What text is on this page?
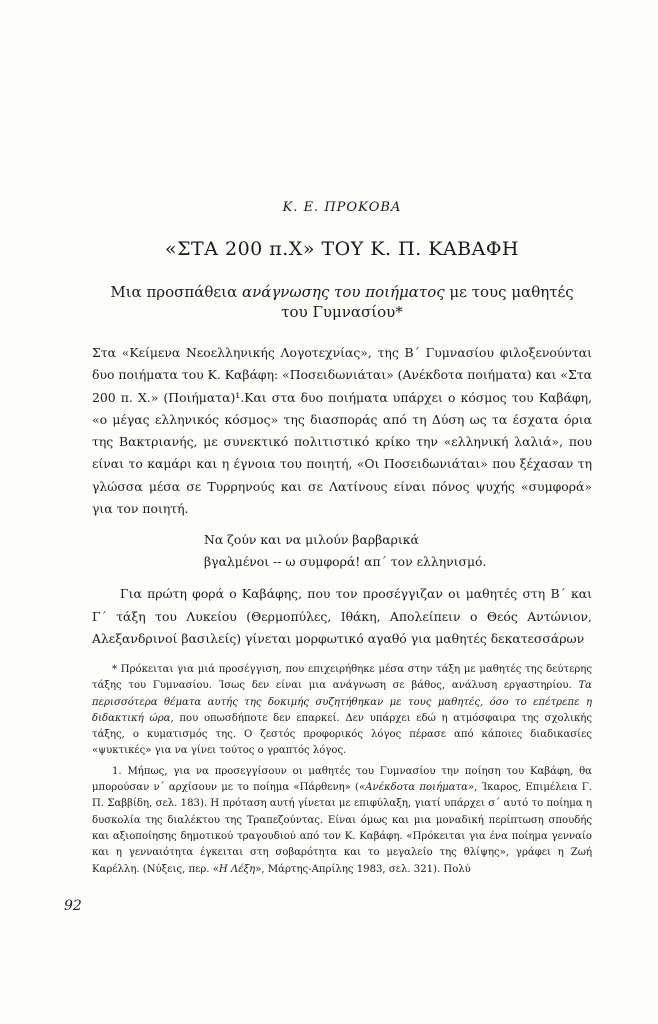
Κ. Ε. ΠΡΟΚΟΒΑ
«ΣΤΑ 200 π.Χ» ΤΟΥ Κ. Π. ΚΑΒΑΦΗ
Μια προσπάθεια ανάγνωσης του ποιήματος με τους μαθητές του Γυμνασίου*

Στα «Κείμενα Νεοελληνικής Λογοτεχνίας», της Β΄ Γυμνασίου φιλοξενούνται δυο ποιήματα του Κ. Καβάφη: «Ποσειδωνιάται» (Ανέκδοτα ποιήματα) και «Στα 200 π. Χ.» (Ποιήματα)¹.Και στα δυο ποιήματα υπάρχει ο κόσμος του Καβάφη, «ο μέγας ελληνικός κόσμος» της διασποράς από τη Δύση ως τα έσχατα όρια της Βακτριανής, με συνεκτικό πολιτιστικό κρίκο την «ελληνική λαλιά», που είναι το καμάρι και η έγνοια του ποιητή, «Οι Ποσειδωνιάται» που ξέχασαν τη γλώσσα μέσα σε Τυρρηνούς και σε Λατίνους είναι πόνος ψυχής «συμφορά» για τον ποιητή.

Να ζούν και να μιλούν βαρβαρικά
βγαλμένοι -- ω συμφορά! απ΄ τον ελληνισμό.

Για πρώτη φορά ο Καβάφης, που τον προσέγγιζαν οι μαθητές στη Β΄ και Γ΄ τάξη του Λυκείου (Θερμοπύλες, Ιθάκη, Απολείπειν ο Θεός Αντώνιον, Αλεξανδρινοί βασιλείς) γίνεται μορφωτικό αγαθό για μαθητές δεκατεσσάρων

* Πρόκειται για μιά προσέγγιση, που επιχειρήθηκε μέσα στην τάξη με μαθητές της δεύτερης τάξης του Γυμνασίου. Ίσως δεν είναι μια ανάγνωση σε βάθος, ανάλυση εργαστηρίου. Τα περισσότερα θέματα αυτής της δοκιμής συζητήθηκαν με τους μαθητές, όσο το επέτρεπε η διδακτική ώρα, που οπωσδήποτε δεν επαρκεί. Δεν υπάρχει εδώ η ατμόσφαιρα της σχολικής τάξης, ο κυματισμός της. Ο ζεστός προφορικός λόγος πέρασε από κάποιες διαδικασίες «ψυκτικές» για να γίνει τούτος ο γραπτός λόγος.

1. Μήπως, για να προσεγγίσουν οι μαθητές του Γυμνασίου την ποίηση του Καβάφη, θα μπορούσαν ν΄ αρχίσουν με το ποίημα «Πάρθενη» («Ανέκδοτα ποιήματα», Ίκαρος, Επιμέλεια Γ. Π. Σαββίδη, σελ. 183). Η πρόταση αυτή γίνεται με επιφύλαξη, γιατί υπάρχει σ΄ αυτό το ποίημα η δυσκολία της διαλέκτου της Τραπεζούντας. Είναι όμως και μια μοναδική περίπτωση σπουδής και αξιοποίησης δημοτικού τραγουδιού από τον Κ. Καβάφη. «Πρόκειται για ένα ποίημα γενναίο και η γενναιότητα έγκειται στη σοβαρότητα και το μεγαλείο της θλίψης», γράφει η Ζωή Καρέλλη. (Νύξεις, περ. «Η Λέξη», Μάρτης-Απρίλης 1983, σελ. 321). Πολύ

92
